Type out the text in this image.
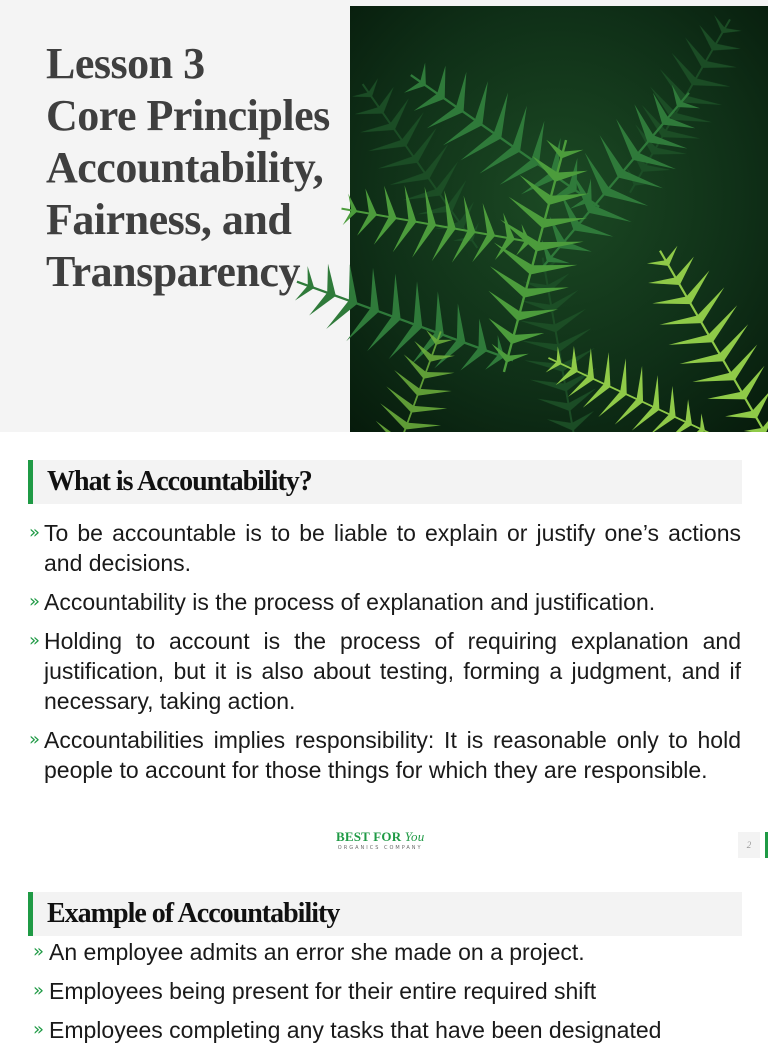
Lesson 3
Core Principles
Accountability,
Fairness, and
Transparency
What is Accountability?
» To be accountable is to be liable to explain or justify one’s actions and decisions.
» Accountability is the process of explanation and justification.
» Holding to account is the process of requiring explanation and justification, but it is also about testing, forming a judgment, and if necessary, taking action.
» Accountabilities implies responsibility: It is reasonable only to hold people to account for those things for which they are responsible.
BEST FOR You
ORGANICS COMPANY	2
Example of Accountability
» An employee admits an error she made on a project.
» Employees being present for their entire required shift
» Employees completing any tasks that have been designated
